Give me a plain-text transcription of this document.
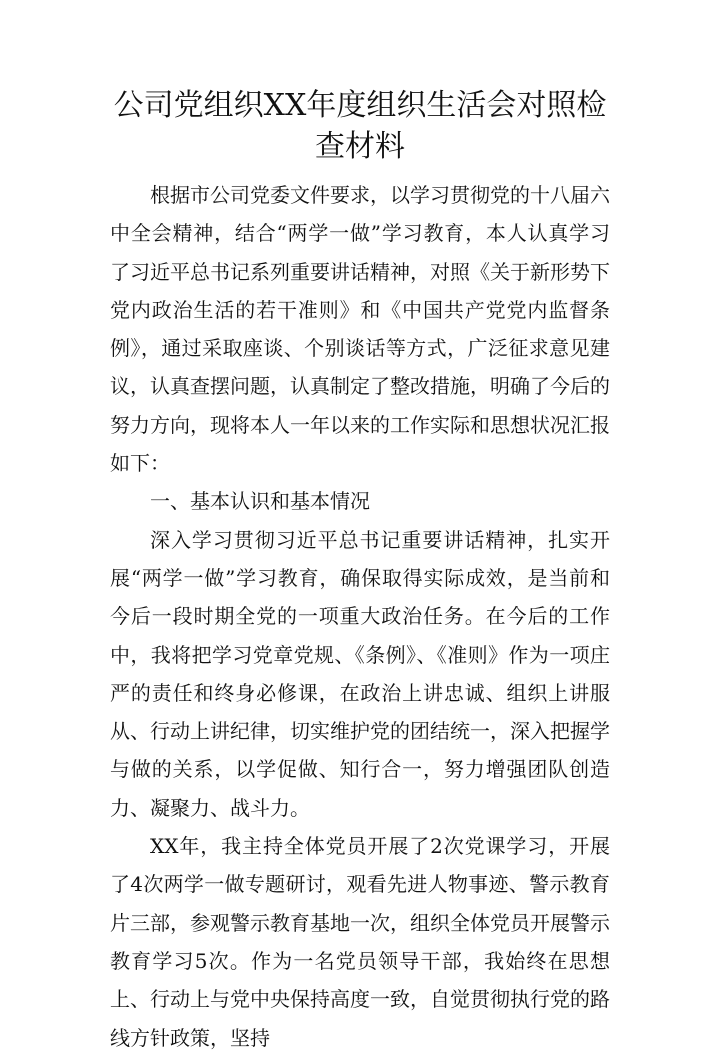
公司党组织XX年度组织生活会对照检查材料

根据市公司党委文件要求，以学习贯彻党的十八届六中全会精神，结合“两学一做”学习教育，本人认真学习了习近平总书记系列重要讲话精神，对照《关于新形势下党内政治生活的若干准则》和《中国共产党党内监督条例》，通过采取座谈、个别谈话等方式，广泛征求意见建议，认真查摆问题，认真制定了整改措施，明确了今后的努力方向，现将本人一年以来的工作实际和思想状况汇报如下：

一、基本认识和基本情况

深入学习贯彻习近平总书记重要讲话精神，扎实开展“两学一做”学习教育，确保取得实际成效，是当前和今后一段时期全党的一项重大政治任务。在今后的工作中，我将把学习党章党规、《条例》、《准则》作为一项庄严的责任和终身必修课，在政治上讲忠诚、组织上讲服从、行动上讲纪律，切实维护党的团结统一，深入把握学与做的关系，以学促做、知行合一，努力增强团队创造力、凝聚力、战斗力。

XX年，我主持全体党员开展了2次党课学习，开展了4次两学一做专题研讨，观看先进人物事迹、警示教育片三部，参观警示教育基地一次，组织全体党员开展警示教育学习5次。作为一名党员领导干部，我始终在思想上、行动上与党中央保持高度一致，自觉贯彻执行党的路线方针政策，坚持
